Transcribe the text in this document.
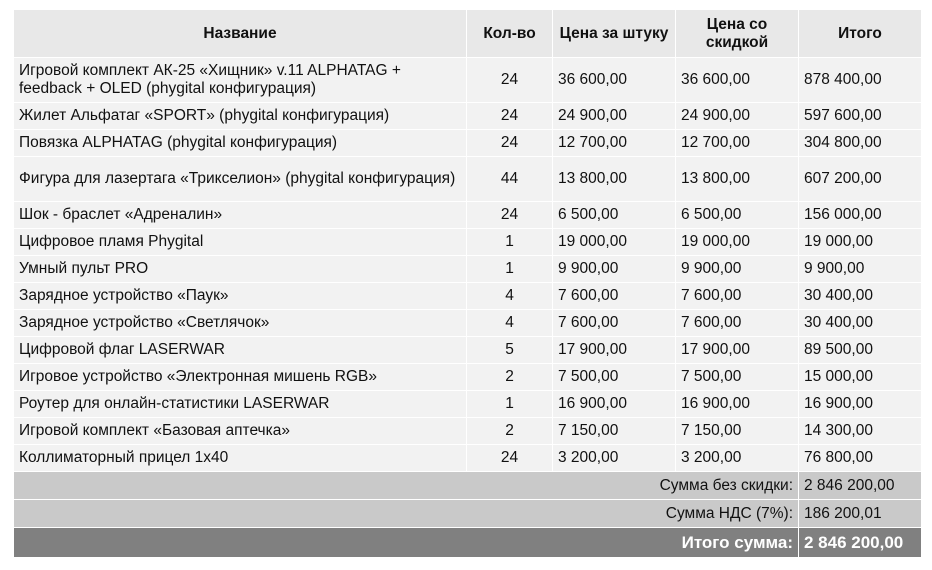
Название	Кол-во	Цена за штуку	Цена со скидкой	Итого
Игровой комплект АК-25 «Хищник» v.11 ALPHATAG + feedback + OLED (phygital конфигурация)	24	36 600,00	36 600,00	878 400,00
Жилет Альфатаг «SPORT» (phygital конфигурация)	24	24 900,00	24 900,00	597 600,00
Повязка ALPHATAG (phygital конфигурация)	24	12 700,00	12 700,00	304 800,00
Фигура для лазертага «Трикселион» (phygital конфигурация)	44	13 800,00	13 800,00	607 200,00
Шок - браслет «Адреналин»	24	6 500,00	6 500,00	156 000,00
Цифровое пламя Phygital	1	19 000,00	19 000,00	19 000,00
Умный пульт PRO	1	9 900,00	9 900,00	9 900,00
Зарядное устройство «Паук»	4	7 600,00	7 600,00	30 400,00
Зарядное устройство «Светлячок»	4	7 600,00	7 600,00	30 400,00
Цифровой флаг LASERWAR	5	17 900,00	17 900,00	89 500,00
Игровое устройство «Электронная мишень RGB»	2	7 500,00	7 500,00	15 000,00
Роутер для онлайн-статистики LASERWAR	1	16 900,00	16 900,00	16 900,00
Игровой комплект «Базовая аптечка»	2	7 150,00	7 150,00	14 300,00
Коллиматорный прицел 1x40	24	3 200,00	3 200,00	76 800,00
Сумма без скидки:				2 846 200,00
Сумма НДС (7%):				186 200,01
Итого сумма:				2 846 200,00
